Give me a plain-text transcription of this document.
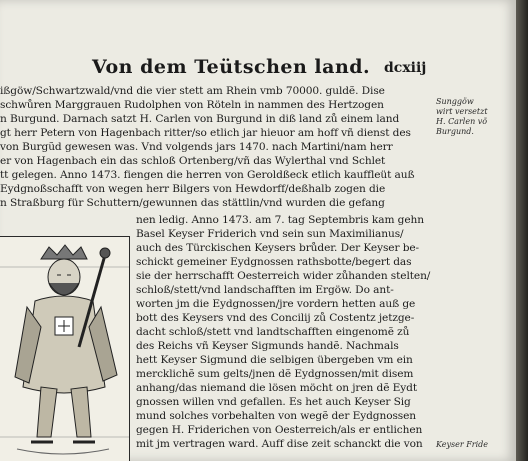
Von dem Teütschen land. dcxiij
ißgöw/Schwartzwald/vnd die vier stett am Rhein vmb 70000. guldẽ. Dise
schwůren Marggrauen Rudolphen von Röteln in nammen des Hertzogen
n Burgund. Darnach satzt H. Carlen von Burgund in diß land zů einem land
gt herr Petern von Hagenbach ritter/so etlich jar hieuor am hoff vñ dienst des
von Burgũd gewesen was. Vnd volgends jars 1470. nach Martini/nam herr
er von Hagenbach ein das schloß Ortenberg/vñ das Wylerthal vnd Schlet
tt gelegen. Anno 1473. fiengen die herren von Geroldßeck etlich kauffleüt auß
Eydgnoßschafft von wegen herr Bilgers von Hewdorff/deßhalb zogen die
n Straßburg für Schuttern/gewunnen das stättlin/vnd wurden die gefang
nen ledig. Anno 1473. am 7. tag Septembris kam gehn
Basel Keyser Friderich vnd sein sun Maximilianus/
auch des Türckischen Keysers brůder. Der Keyser be-
schickt gemeiner Eydgnossen rathsbotte/begert das
sie der herrschafft Oesterreich wider zůhanden stelten/
schloß/stett/vnd landschafften im Ergöw. Do ant-
worten jm die Eydgnossen/jre vordern hetten auß ge
bott des Keysers vnd des Concilij zů Costentz jetzge-
dacht schloß/stett vnd landtschafften eingenomẽ zů
des Reichs vñ Keyser Sigmunds handẽ. Nachmals
hett Keyser Sigmund die selbigen übergeben vm ein
mercklichẽ sum gelts/jnen dẽ Eydgnossen/mit disem
anhang/das niemand die lösen möcht on jren dẽ Eydt
gnossen willen vnd gefallen. Es het auch Keyser Sig
mund solches vorbehalten von wegẽ der Eydgnossen
gegen H. Friderichen von Oesterreich/als er entlichen
mit jm vertragen ward. Auff dise zeit schanckt die von
Sunggöw
wirt versetzt
H. Carlen võ
Burgund.
Keyser Fride
